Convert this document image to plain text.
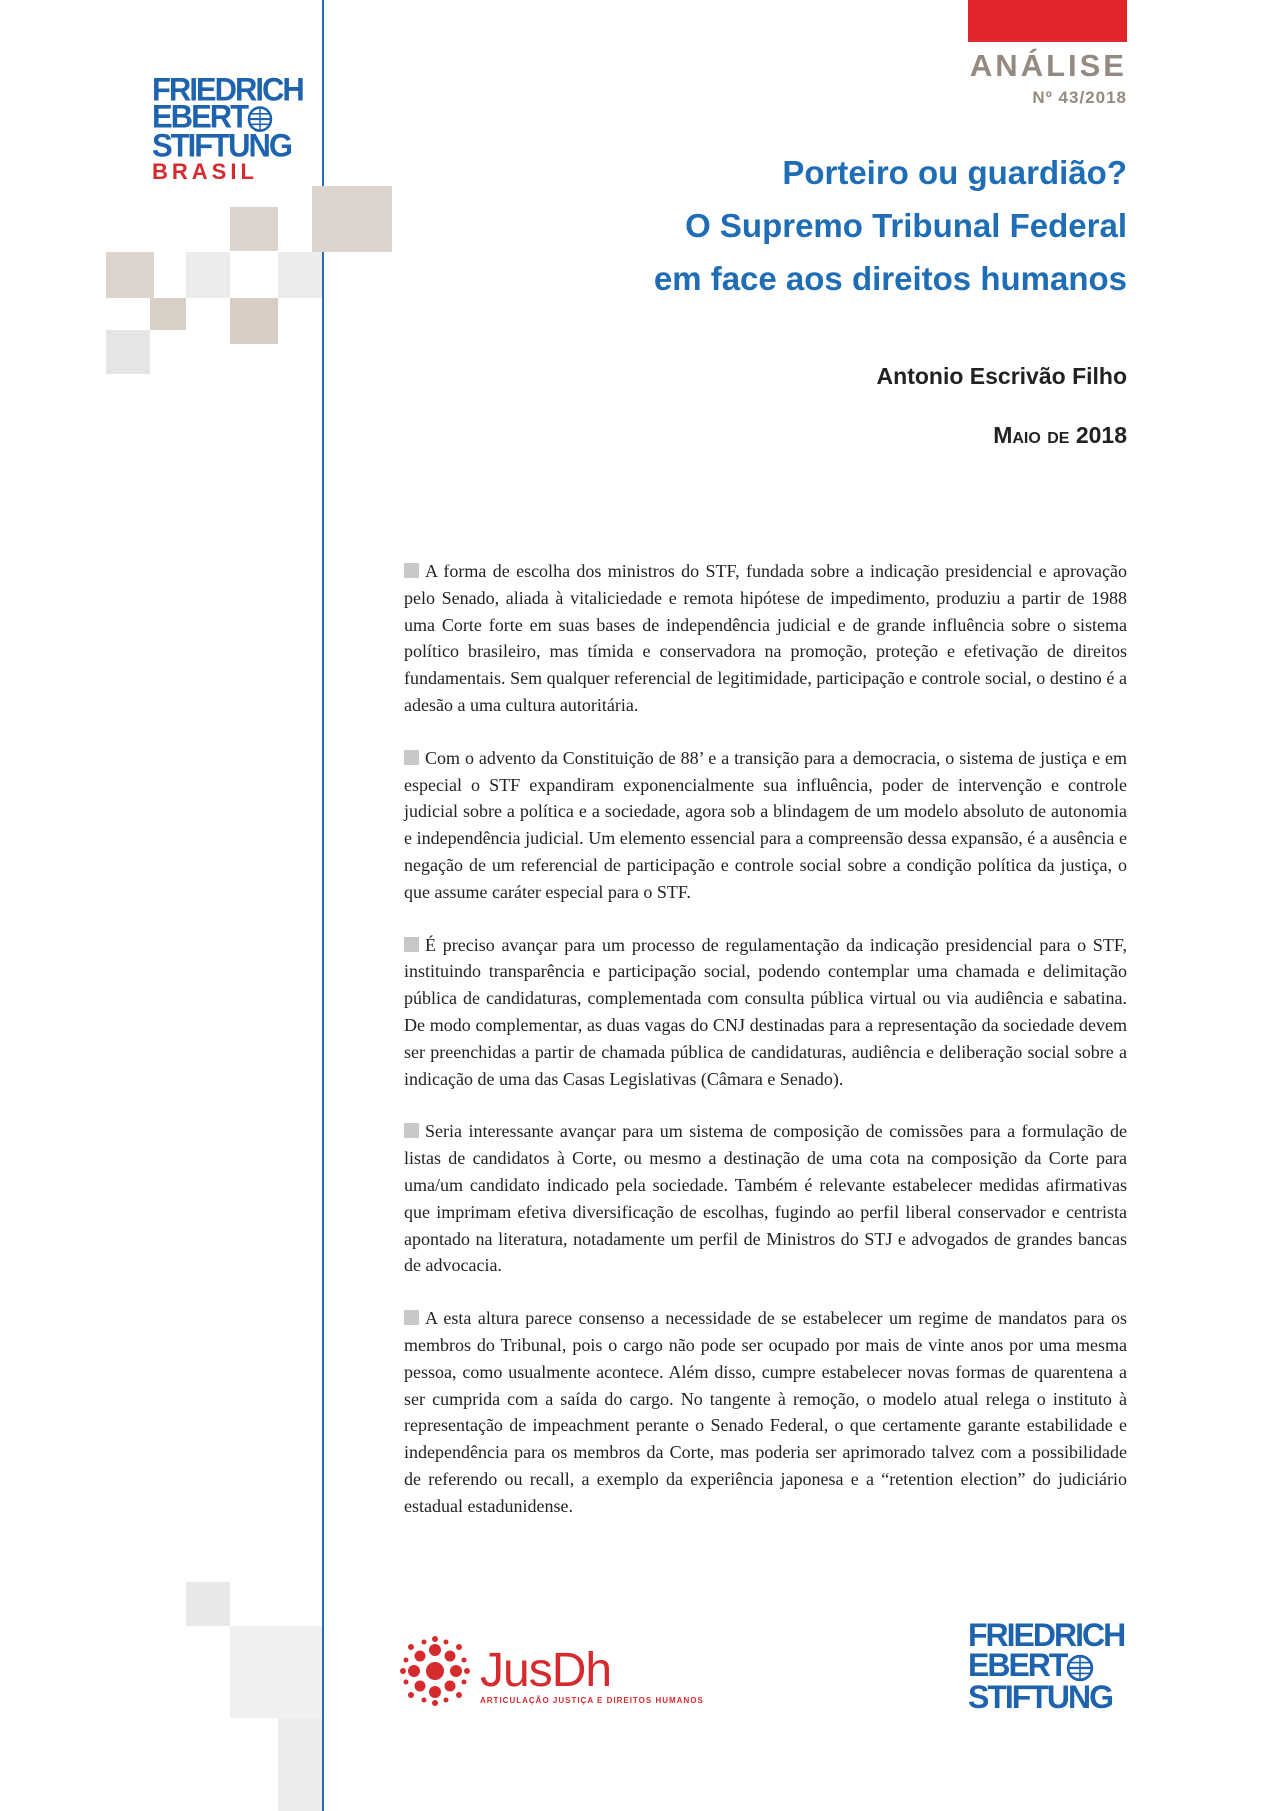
ANÁLISE
Nº 43/2018
FRIEDRICH
EBERT
STIFTUNG
BRASIL	Porteiro ou guardião?
O Supremo Tribunal Federal
em face aos direitos humanos
Antonio Escrivão Filho
Maio de 2018

A forma de escolha dos ministros do STF, fundada sobre a indicação presidencial e aprovação pelo Senado, aliada à vitaliciedade e remota hipótese de impedimento, produziu a partir de 1988 uma Corte forte em suas bases de independência judicial e de grande influência sobre o sistema político brasileiro, mas tímida e conservadora na promoção, proteção e efetivação de direitos fundamentais. Sem qualquer referencial de legitimidade, participação e controle social, o destino é a adesão a uma cultura autoritária.

Com o advento da Constituição de 88’ e a transição para a democracia, o sistema de justiça e em especial o STF expandiram exponencialmente sua influência, poder de intervenção e controle judicial sobre a política e a sociedade, agora sob a blindagem de um modelo absoluto de autonomia e independência judicial. Um elemento essencial para a compreensão dessa expansão, é a ausência e negação de um referencial de participação e controle social sobre a condição política da justiça, o que assume caráter especial para o STF.

É preciso avançar para um processo de regulamentação da indicação presidencial para o STF, instituindo transparência e participação social, podendo contemplar uma chamada e delimitação pública de candidaturas, complementada com consulta pública virtual ou via audiência e sabatina. De modo complementar, as duas vagas do CNJ destinadas para a representação da sociedade devem ser preenchidas a partir de chamada pública de candidaturas, audiência e deliberação social sobre a indicação de uma das Casas Legislativas (Câmara e Senado).

Seria interessante avançar para um sistema de composição de comissões para a formulação de listas de candidatos à Corte, ou mesmo a destinação de uma cota na composição da Corte para uma/um candidato indicado pela sociedade. Também é relevante estabelecer medidas afirmativas que imprimam efetiva diversificação de escolhas, fugindo ao perfil liberal conservador e centrista apontado na literatura, notadamente um perfil de Ministros do STJ e advogados de grandes bancas de advocacia.

A esta altura parece consenso a necessidade de se estabelecer um regime de mandatos para os membros do Tribunal, pois o cargo não pode ser ocupado por mais de vinte anos por uma mesma pessoa, como usualmente acontece. Além disso, cumpre estabelecer novas formas de quarentena a ser cumprida com a saída do cargo. No tangente à remoção, o modelo atual relega o instituto à representação de impeachment perante o Senado Federal, o que certamente garante estabilidade e independência para os membros da Corte, mas poderia ser aprimorado talvez com a possibilidade de referendo ou recall, a exemplo da experiência japonesa e a “retention election” do judiciário estadual estadunidense.

JusDh
ARTICULAÇÃO JUSTIÇA E DIREITOS HUMANOS
FRIEDRICH
EBERT
STIFTUNG
